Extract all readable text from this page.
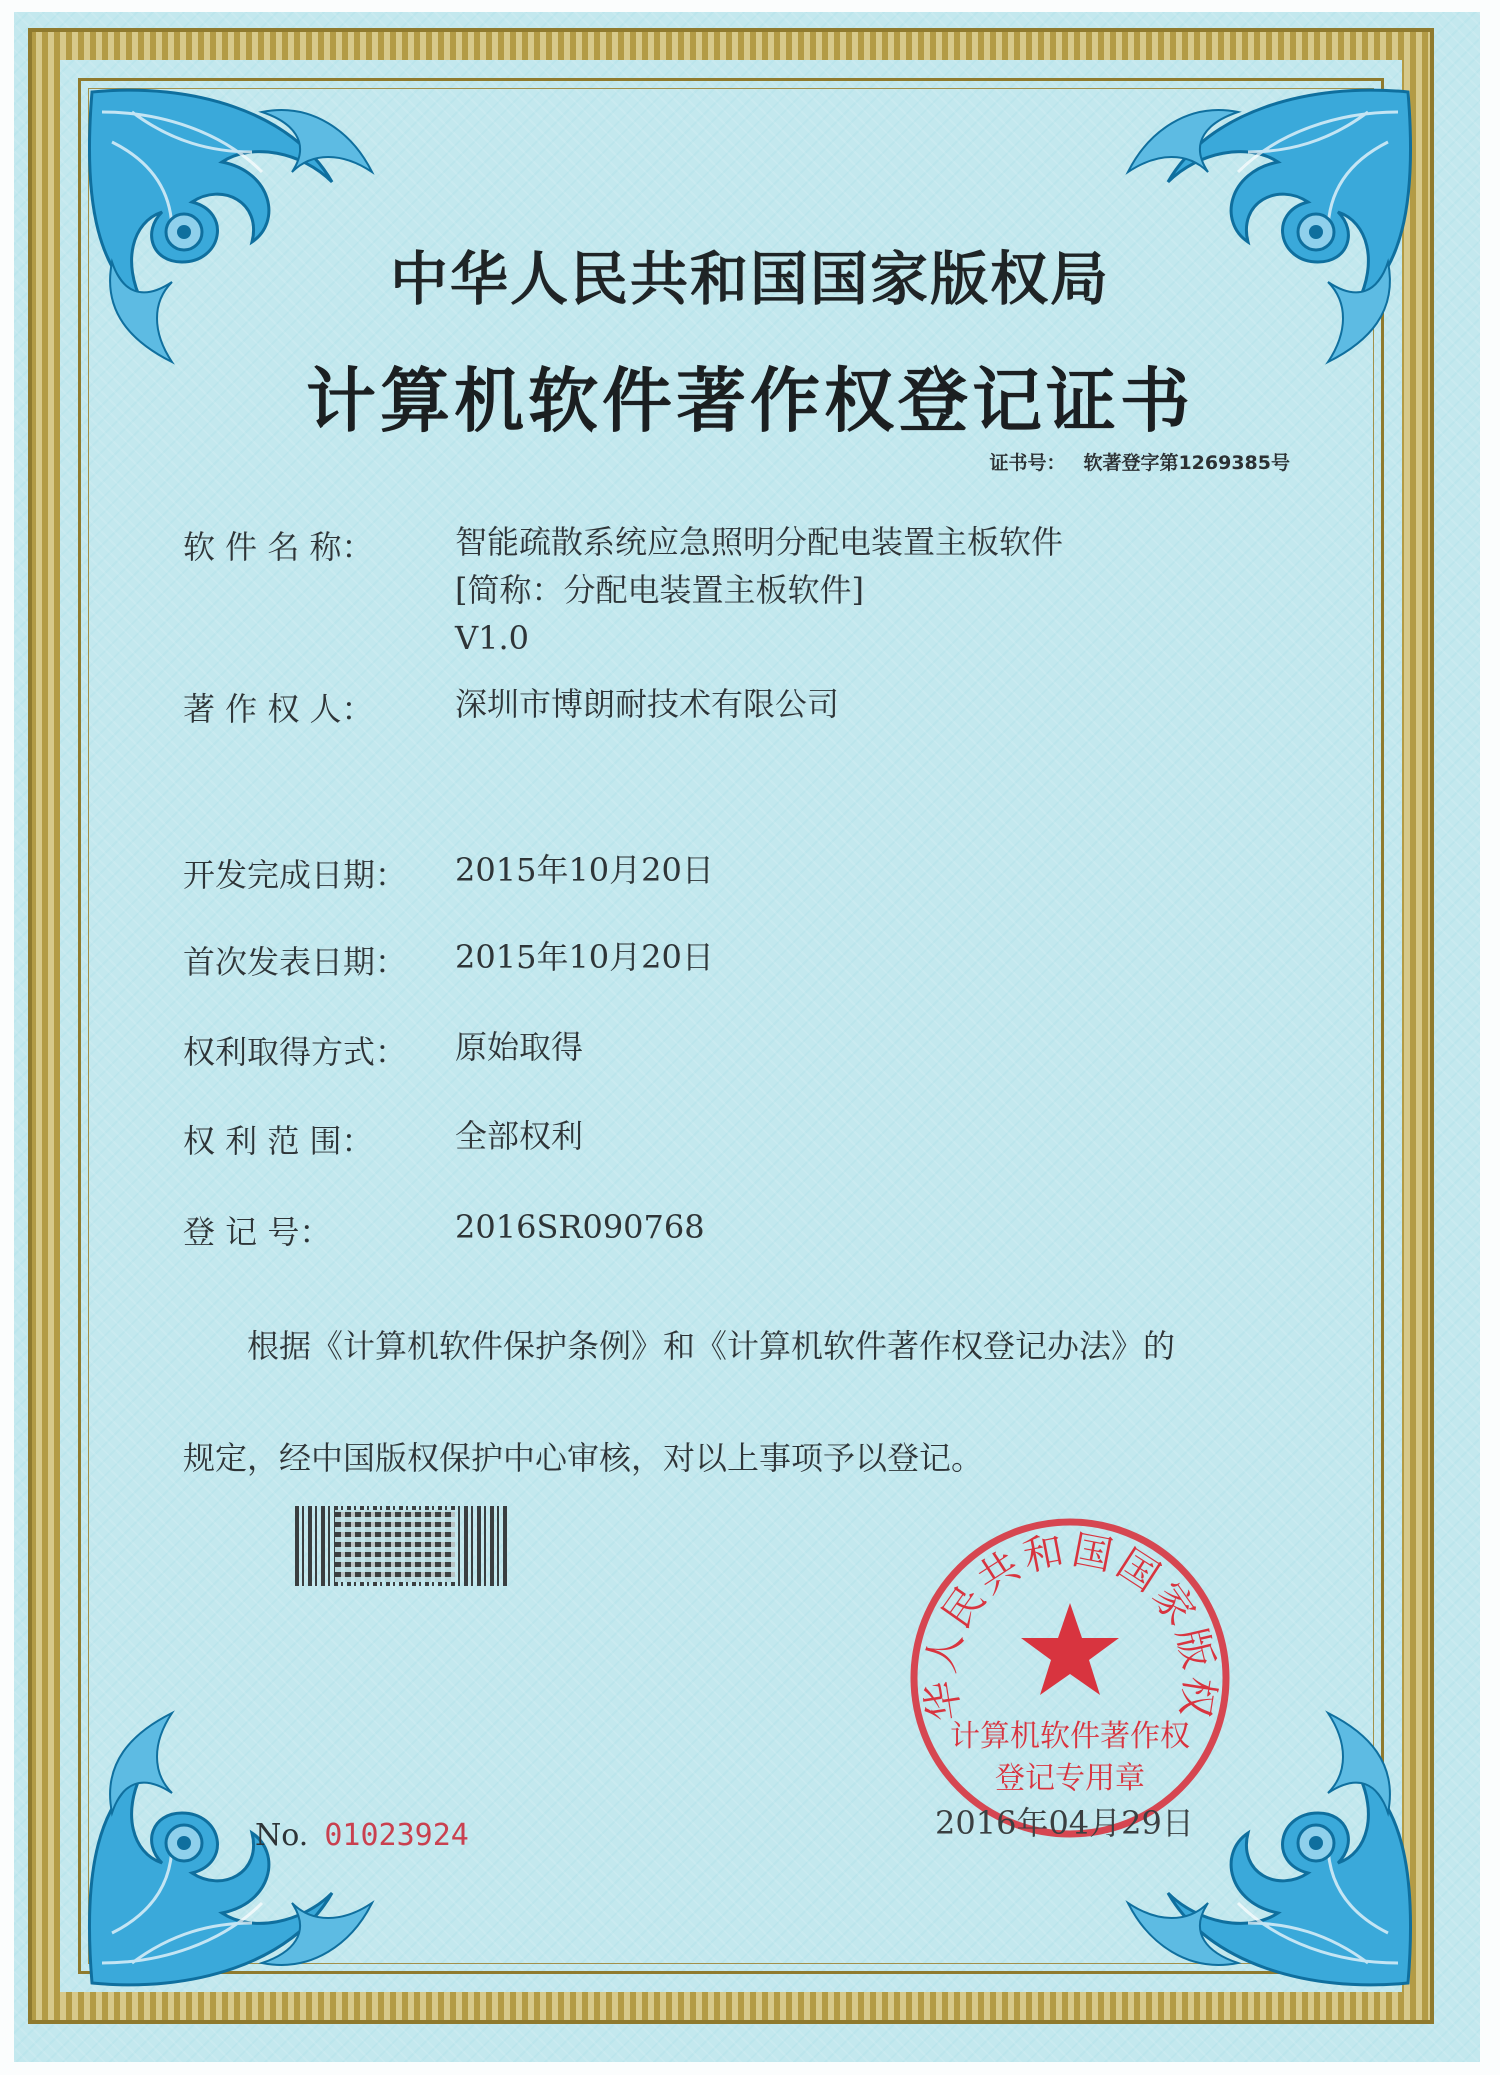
中华人民共和国国家版权局
计算机软件著作权登记证书
证书号： 软著登字第1269385号
软 件 名 称：	智能疏散系统应急照明分配电装置主板软件
[简称：分配电装置主板软件]
V1.0
著 作 权 人：	深圳市博朗耐技术有限公司
开发完成日期：	2015年10月20日
首次发表日期：	2015年10月20日
权利取得方式：	原始取得
权 利 范 围：	全部权利
登 记 号：	2016SR090768

根据《计算机软件保护条例》和《计算机软件著作权登记办法》的

规定，经中国版权保护中心审核，对以上事项予以登记。

No. 01023924
华人民共和国国家版权
计算机软件著作权
登记专用章
2016年04月29日
